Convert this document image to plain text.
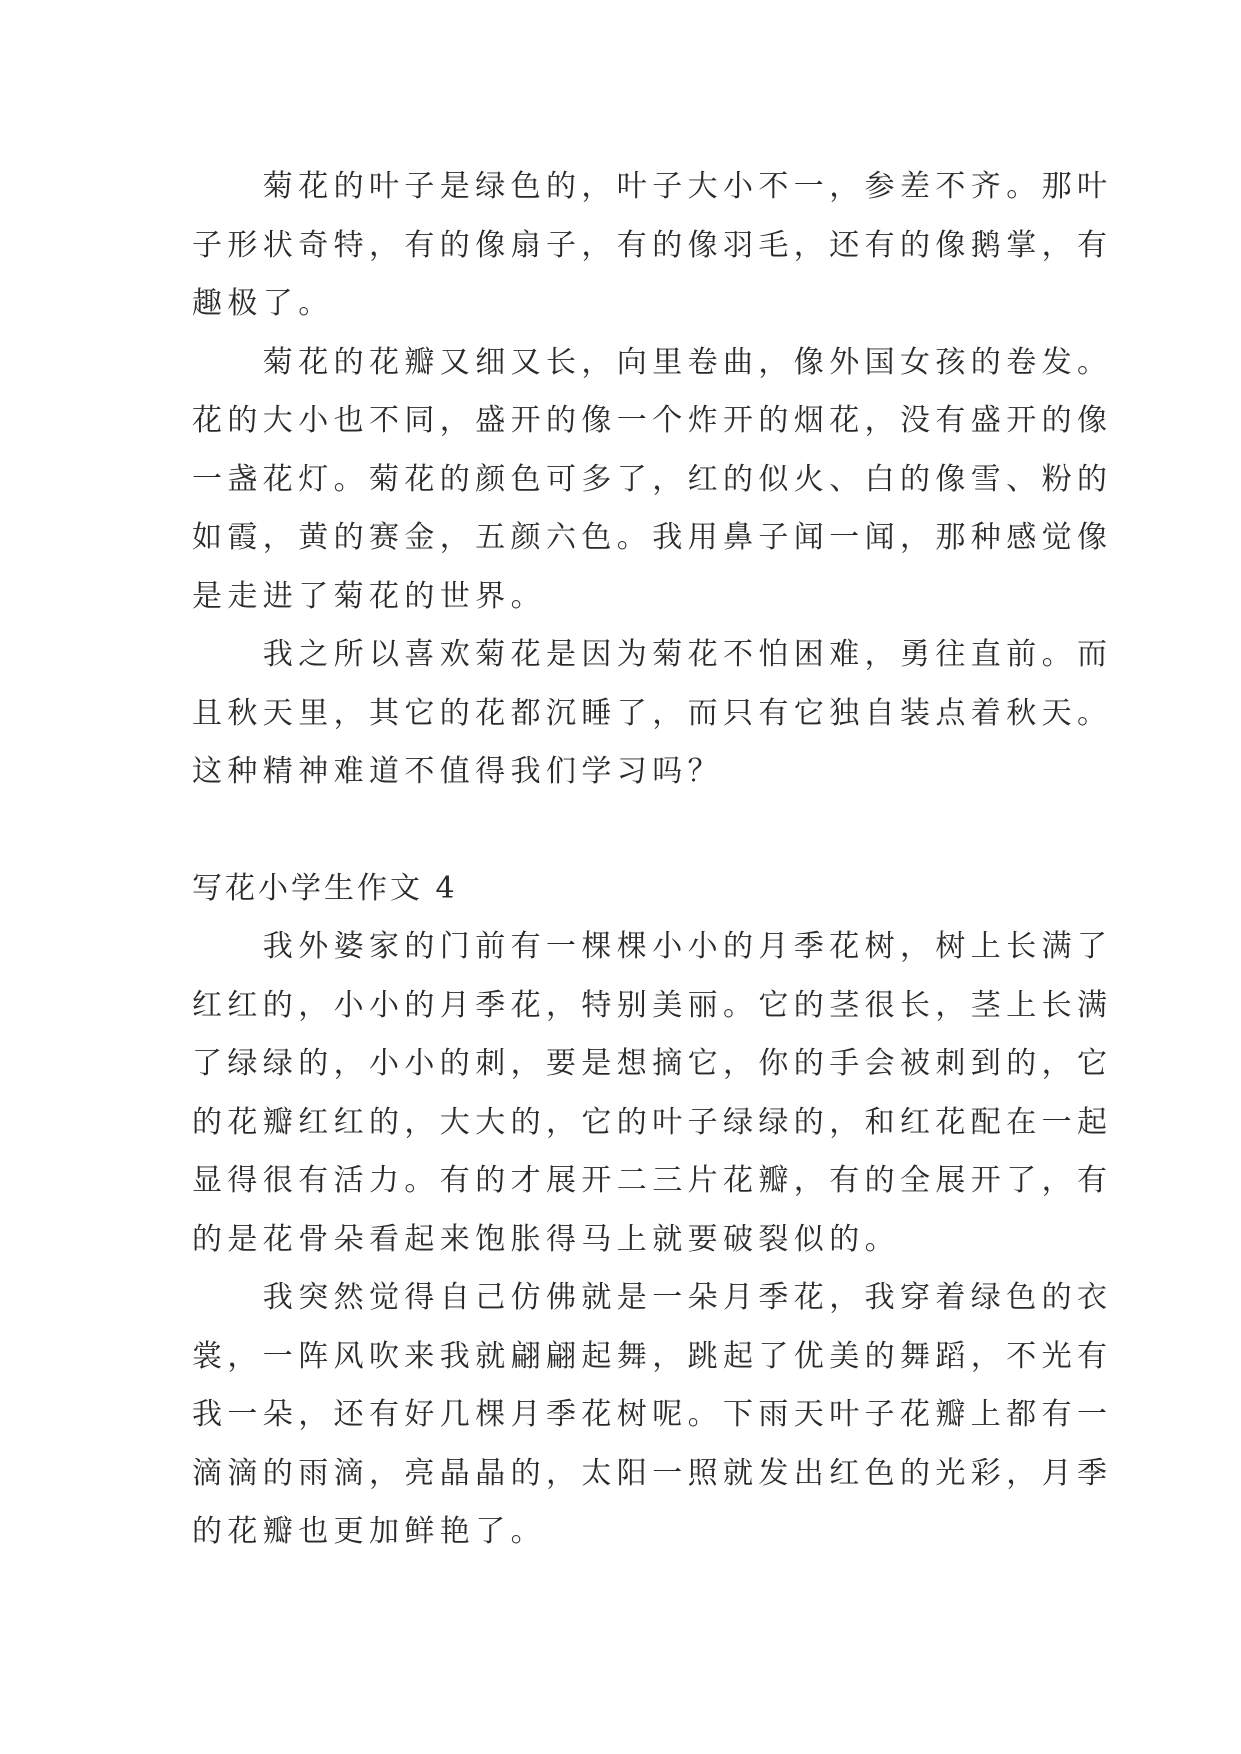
　　菊花的叶子是绿色的，叶子大小不一，参差不齐。那叶
子形状奇特，有的像扇子，有的像羽毛，还有的像鹅掌，有
趣极了。
　　菊花的花瓣又细又长，向里卷曲，像外国女孩的卷发。
花的大小也不同，盛开的像一个炸开的烟花，没有盛开的像
一盏花灯。菊花的颜色可多了，红的似火、白的像雪、粉的
如霞，黄的赛金，五颜六色。我用鼻子闻一闻，那种感觉像
是走进了菊花的世界。
　　我之所以喜欢菊花是因为菊花不怕困难，勇往直前。而
且秋天里，其它的花都沉睡了，而只有它独自装点着秋天。
这种精神难道不值得我们学习吗？
写花小学生作文 4
　　我外婆家的门前有一棵棵小小的月季花树，树上长满了
红红的，小小的月季花，特别美丽。它的茎很长，茎上长满
了绿绿的，小小的刺，要是想摘它，你的手会被刺到的，它
的花瓣红红的，大大的，它的叶子绿绿的，和红花配在一起
显得很有活力。有的才展开二三片花瓣，有的全展开了，有
的是花骨朵看起来饱胀得马上就要破裂似的。
　　我突然觉得自己仿佛就是一朵月季花，我穿着绿色的衣
裳，一阵风吹来我就翩翩起舞，跳起了优美的舞蹈，不光有
我一朵，还有好几棵月季花树呢。下雨天叶子花瓣上都有一
滴滴的雨滴，亮晶晶的，太阳一照就发出红色的光彩，月季
的花瓣也更加鲜艳了。
